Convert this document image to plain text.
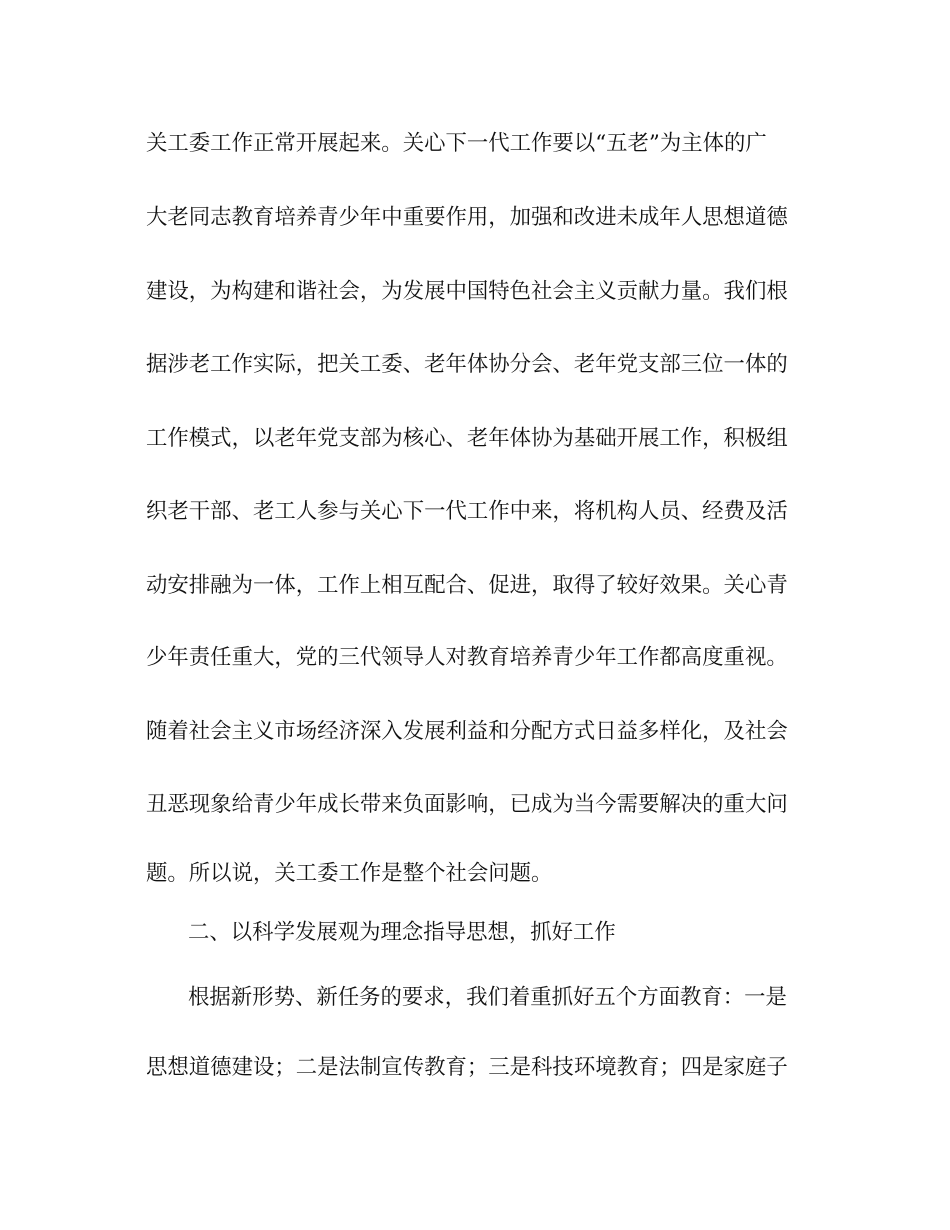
关工委工作正常开展起来。关心下一代工作要以“五老”为主体的广
大老同志教育培养青少年中重要作用，加强和改进未成年人思想道德
建设，为构建和谐社会，为发展中国特色社会主义贡献力量。我们根
据涉老工作实际，把关工委、老年体协分会、老年党支部三位一体的
工作模式，以老年党支部为核心、老年体协为基础开展工作，积极组
织老干部、老工人参与关心下一代工作中来，将机构人员、经费及活
动安排融为一体，工作上相互配合、促进，取得了较好效果。关心青
少年责任重大，党的三代领导人对教育培养青少年工作都高度重视。
随着社会主义市场经济深入发展利益和分配方式日益多样化，及社会
丑恶现象给青少年成长带来负面影响，已成为当今需要解决的重大问
题。所以说，关工委工作是整个社会问题。
二、以科学发展观为理念指导思想，抓好工作
根据新形势、新任务的要求，我们着重抓好五个方面教育：一是
思想道德建设；二是法制宣传教育；三是科技环境教育；四是家庭子
